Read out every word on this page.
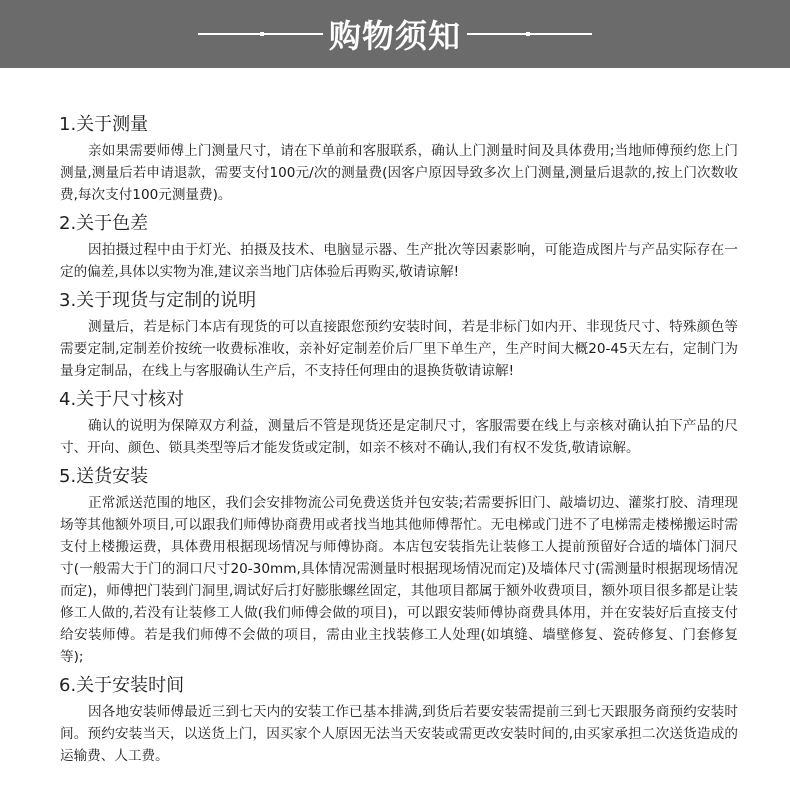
购物须知
1.关于测量

亲如果需要师傅上门测量尺寸，请在下单前和客服联系，确认上门测量时间及具体费用;当地师傅预约您上门测量,测量后若申请退款，需要支付100元/次的测量费(因客户原因导致多次上门测量,测量后退款的,按上门次数收费,每次支付100元测量费)。

2.关于色差

因拍摄过程中由于灯光、拍摄及技术、电脑显示器、生产批次等因素影响，可能造成图片与产品实际存在一定的偏差,具体以实物为准,建议亲当地门店体验后再购买,敬请谅解!

3.关于现货与定制的说明

测量后，若是标门本店有现货的可以直接跟您预约安装时间，若是非标门如内开、非现货尺寸、特殊颜色等需要定制,定制差价按统一收费标准收，亲补好定制差价后厂里下单生产，生产时间大概20-45天左右，定制门为量身定制品，在线上与客服确认生产后，不支持任何理由的退换货敬请谅解!

4.关于尺寸核对

确认的说明为保障双方利益，测量后不管是现货还是定制尺寸，客服需要在线上与亲核对确认拍下产品的尺寸、开向、颜色、锁具类型等后才能发货或定制，如亲不核对不确认,我们有权不发货,敬请谅解。

5.送货安装

正常派送范围的地区，我们会安排物流公司免费送货并包安装;若需要拆旧门、敲墙切边、灌浆打胶、清理现场等其他额外项目,可以跟我们师傅协商费用或者找当地其他师傅帮忙。无电梯或门进不了电梯需走楼梯搬运时需支付上楼搬运费，具体费用根据现场情况与师傅协商。本店包安装指先让装修工人提前预留好合适的墙体门洞尺寸(一般需大于门的洞口尺寸20-30mm,具体情况需测量时根据现场情况而定)及墙体尺寸(需测量时根据现场情况而定)，师傅把门装到门洞里,调试好后打好膨胀螺丝固定，其他项目都属于额外收费项目，额外项目很多都是让装修工人做的,若没有让装修工人做(我们师傅会做的项目)，可以跟安装师傅协商费具体用，并在安装好后直接支付给安装师傅。若是我们师傅不会做的项目，需由业主找装修工人处理(如填缝、墙壁修复、瓷砖修复、门套修复等);

6.关于安装时间

因各地安装师傅最近三到七天内的安装工作已基本排满,到货后若要安装需提前三到七天跟服务商预约安装时间。预约安装当天，以送货上门，因买家个人原因无法当天安装或需更改安装时间的,由买家承担二次送货造成的运输费、人工费。
